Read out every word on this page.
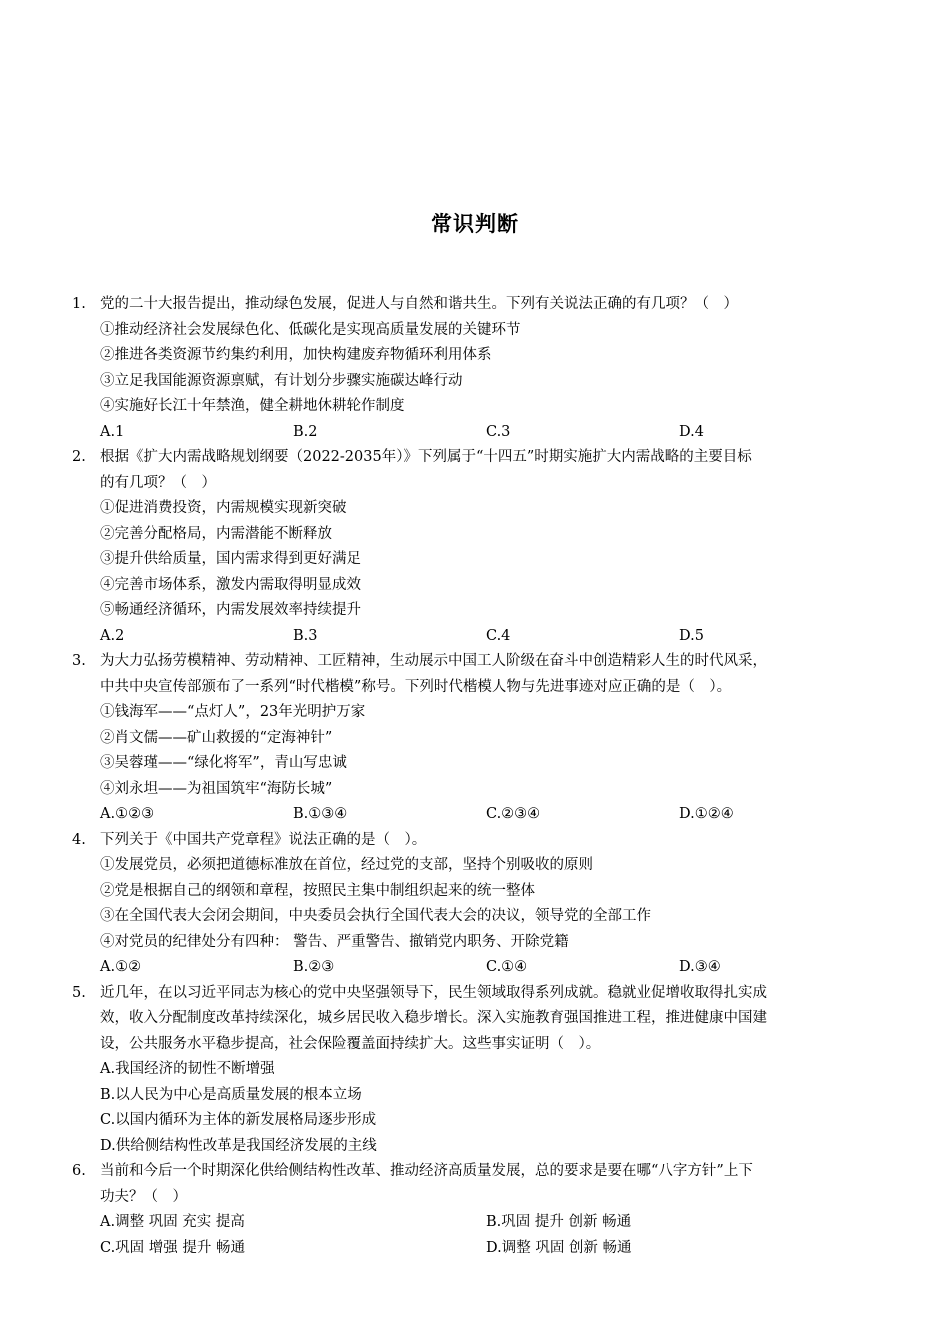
常识判断
1. 党的二十大报告提出，推动绿色发展，促进人与自然和谐共生。下列有关说法正确的有几项？（　）
①推动经济社会发展绿色化、低碳化是实现高质量发展的关键环节
②推进各类资源节约集约利用，加快构建废弃物循环利用体系
③立足我国能源资源禀赋，有计划分步骤实施碳达峰行动
④实施好长江十年禁渔，健全耕地休耕轮作制度
A.1	B.2	C.3	D.4
2. 根据《扩大内需战略规划纲要（2022-2035年）》下列属于“十四五”时期实施扩大内需战略的主要目标
的有几项？（　）
①促进消费投资，内需规模实现新突破
②完善分配格局，内需潜能不断释放
③提升供给质量，国内需求得到更好满足
④完善市场体系，激发内需取得明显成效
⑤畅通经济循环，内需发展效率持续提升
A.2	B.3	C.4	D.5
3. 为大力弘扬劳模精神、劳动精神、工匠精神，生动展示中国工人阶级在奋斗中创造精彩人生的时代风采，
中共中央宣传部颁布了一系列“时代楷模”称号。下列时代楷模人物与先进事迹对应正确的是（　）。
①钱海军——“点灯人”，23年光明护万家
②肖文儒——矿山救援的“定海神针”
③吴蓉瑾——“绿化将军”，青山写忠诚
④刘永坦——为祖国筑牢“海防长城”
A.①②③	B.①③④	C.②③④	D.①②④
4. 下列关于《中国共产党章程》说法正确的是（　）。
①发展党员，必须把道德标准放在首位，经过党的支部，坚持个别吸收的原则
②党是根据自己的纲领和章程，按照民主集中制组织起来的统一整体
③在全国代表大会闭会期间，中央委员会执行全国代表大会的决议，领导党的全部工作
④对党员的纪律处分有四种： 警告、严重警告、撤销党内职务、开除党籍
A.①②	B.②③	C.①④	D.③④
5. 近几年，在以习近平同志为核心的党中央坚强领导下，民生领域取得系列成就。稳就业促增收取得扎实成
效，收入分配制度改革持续深化，城乡居民收入稳步增长。深入实施教育强国推进工程，推进健康中国建
设，公共服务水平稳步提高，社会保险覆盖面持续扩大。这些事实证明（　）。
A.我国经济的韧性不断增强
B.以人民为中心是高质量发展的根本立场
C.以国内循环为主体的新发展格局逐步形成
D.供给侧结构性改革是我国经济发展的主线
6. 当前和今后一个时期深化供给侧结构性改革、推动经济高质量发展，总的要求是要在哪“八字方针”上下
功夫？（　）
A.调整 巩固 充实 提高	B.巩固 提升 创新 畅通
C.巩固 增强 提升 畅通	D.调整 巩固 创新 畅通
